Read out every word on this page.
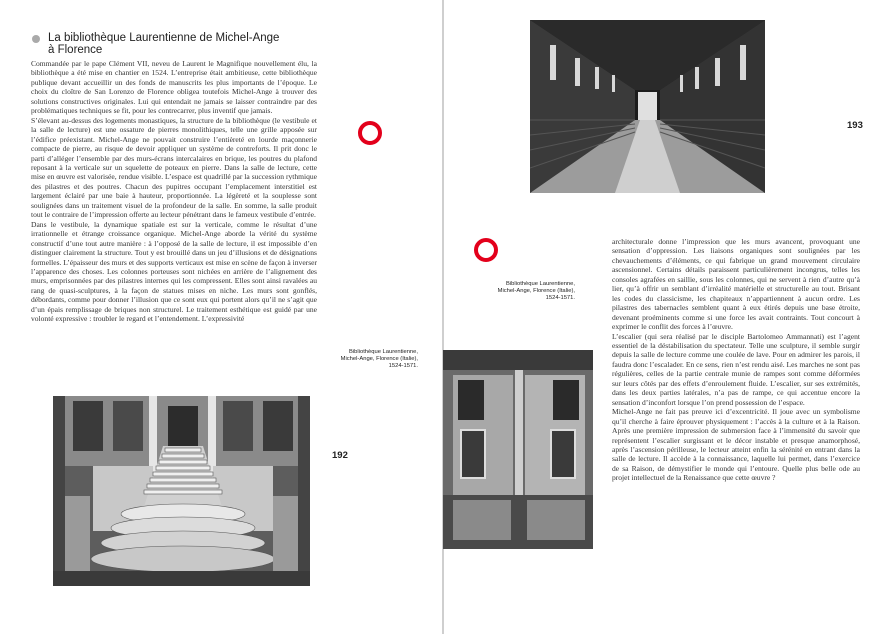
La bibliothèque Laurentienne de Michel-Ange
à Florence

Commandée par le pape Clément VII, neveu de Laurent le Magnifique nouvellement élu, la bibliothèque a été mise en chantier en 1524. L’entreprise était ambitieuse, cette bibliothèque publique devant accueillir un des fonds de manuscrits les plus importants de l’époque. Le choix du cloître de San Lorenzo de Florence obligea toutefois Michel-Ange à trouver des solutions constructives originales. Lui qui entendait ne jamais se laisser contraindre par des problématiques techniques se fit, pour les contrecarrer, plus inventif que jamais.

S’élevant au-dessus des logements monastiques, la structure de la bibliothèque (le vestibule et la salle de lecture) est une ossature de pierres monolithiques, telle une grille apposée sur l’édifice préexistant. Michel-Ange ne pouvait construire l’entièreté en lourde maçonnerie compacte de pierre, au risque de devoir appliquer un système de contreforts. Il prit donc le parti d’alléger l’ensemble par des murs-écrans intercalaires en brique, les poutres du plafond reposant à la verticale sur un squelette de poteaux en pierre. Dans la salle de lecture, cette mise en œuvre est valorisée, rendue visible. L’espace est quadrillé par la succession rythmique des pilastres et des poutres. Chacun des pupitres occupant l’emplacement interstitiel est largement éclairé par une baie à hauteur, proportionnée. La légèreté et la souplesse sont soulignées dans un traitement visuel de la profondeur de la salle. En somme, la salle produit tout le contraire de l’impression offerte au lecteur pénétrant dans le fameux vestibule d’entrée.

Dans le vestibule, la dynamique spatiale est sur la verticale, comme le résultat d’une irrationnelle et étrange croissance organique. Michel-Ange aborde la vérité du système constructif d’une tout autre manière : à l’opposé de la salle de lecture, il est impossible d’en distinguer clairement la structure. Tout y est brouillé dans un jeu d’illusions et de désignations formelles. L’épaisseur des murs et des supports verticaux est mise en scène de façon à inverser l’apparence des choses. Les colonnes porteuses sont nichées en arrière de l’alignement des murs, emprisonnées par des pilastres internes qui les compressent. Elles sont ainsi ravalées au rang de quasi-sculptures, à la façon de statues mises en niche. Les murs sont gonflés, débordants, comme pour donner l’illusion que ce sont eux qui portent alors qu’il ne s’agit que d’un épais remplissage de briques non structurel. Le traitement esthétique est guidé par une volonté expressive : troubler le regard et l’entendement. L’expressivité

Bibliothèque Laurentienne,
Michel-Ange, Florence (Italie),
1524-1571.
192
193
Bibliothèque Laurentienne,
Michel-Ange, Florence (Italie),
1524-1571.

architecturale donne l’impression que les murs avancent, provoquant une sensation d’oppression. Les liaisons organiques sont soulignées par les chevauchements d’éléments, ce qui fabrique un grand mouvement circulaire ascensionnel. Certains détails paraissent particulièrement incongrus, telles les consoles agrafées en saillie, sous les colonnes, qui ne servent à rien d’autre qu’à lier, qu’à offrir un semblant d’irréalité matérielle et structurelle au tout. Brisant les codes du classicisme, les chapiteaux n’appartiennent à aucun ordre. Les pilastres des tabernacles semblent quant à eux étirés depuis une base étroite, devenant proéminents comme si une force les avait contraints. Tout concourt à exprimer le conflit des forces à l’œuvre.

L’escalier (qui sera réalisé par le disciple Bartolomeo Ammannati) est l’agent essentiel de la déstabilisation du spectateur. Telle une sculpture, il semble surgir depuis la salle de lecture comme une coulée de lave. Pour en admirer les parois, il faudra donc l’escalader. En ce sens, rien n’est rendu aisé. Les marches ne sont pas régulières, celles de la partie centrale munie de rampes sont comme déformées sur leurs côtés par des effets d’enroulement fluide. L’escalier, sur ses extrémités, dans les deux parties latérales, n’a pas de rampe, ce qui accentue encore la sensation d’inconfort lorsque l’on prend possession de l’espace.

Michel-Ange ne fait pas preuve ici d’excentricité. Il joue avec un symbolisme qu’il cherche à faire éprouver physiquement : l’accès à la culture et à la Raison. Après une première impression de submersion face à l’immensité du savoir que représentent l’escalier surgissant et le décor instable et presque anamorphosé, après l’ascension périlleuse, le lecteur atteint enfin la sérénité en entrant dans la salle de lecture. Il accède à la connaissance, laquelle lui permet, dans l’exercice de sa Raison, de démystifier le monde qui l’entoure. Quelle plus belle ode au projet intellectuel de la Renaissance que cette œuvre ?
